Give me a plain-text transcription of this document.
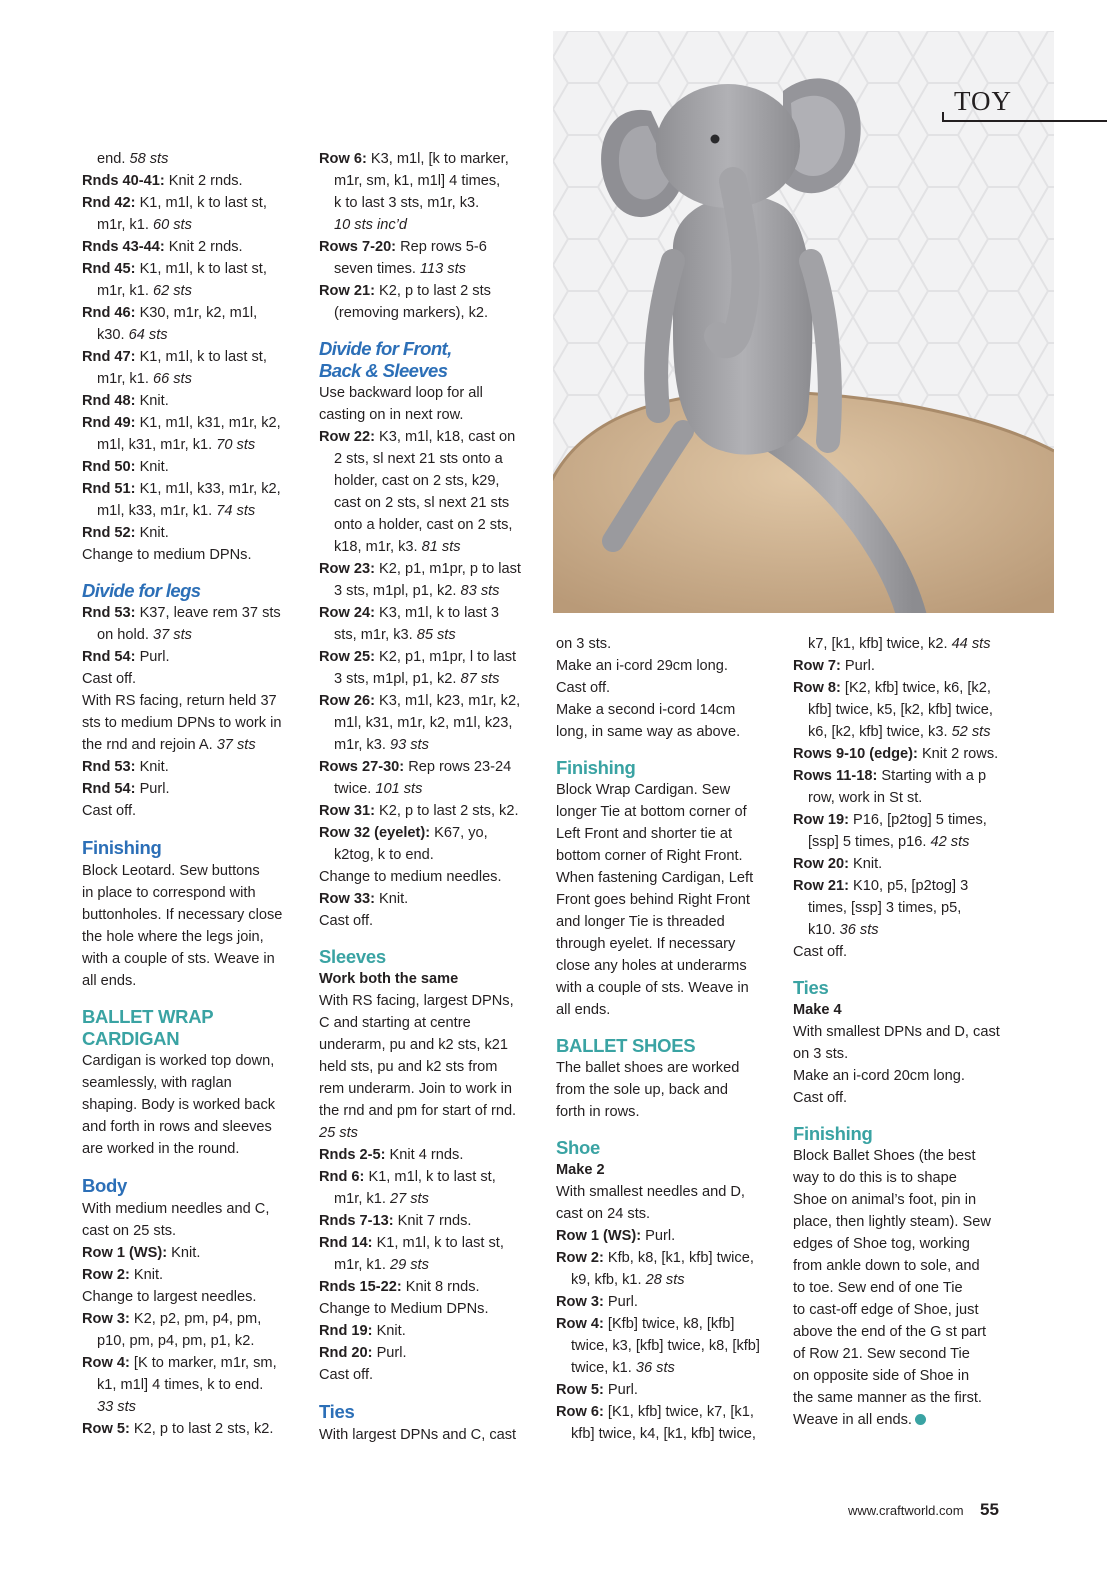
TOY
end. 58 sts
Rnds 40-41: Knit 2 rnds.
Rnd 42: K1, m1l, k to last st,
m1r, k1. 60 sts
Rnds 43-44: Knit 2 rnds.
Rnd 45: K1, m1l, k to last st,
m1r, k1. 62 sts
Rnd 46: K30, m1r, k2, m1l,
k30. 64 sts
Rnd 47: K1, m1l, k to last st,
m1r, k1. 66 sts
Rnd 48: Knit.
Rnd 49: K1, m1l, k31, m1r, k2,
m1l, k31, m1r, k1. 70 sts
Rnd 50: Knit.
Rnd 51: K1, m1l, k33, m1r, k2,
m1l, k33, m1r, k1. 74 sts
Rnd 52: Knit.
Change to medium DPNs.
Divide for legs
Rnd 53: K37, leave rem 37 sts
on hold. 37 sts
Rnd 54: Purl.
Cast off.
With RS facing, return held 37
sts to medium DPNs to work in
the rnd and rejoin A. 37 sts
Rnd 53: Knit.
Rnd 54: Purl.
Cast off.
Finishing
Block Leotard. Sew buttons
in place to correspond with
buttonholes. If necessary close
the hole where the legs join,
with a couple of sts. Weave in
all ends.
BALLET WRAP
CARDIGAN
Cardigan is worked top down,
seamlessly, with raglan
shaping. Body is worked back
and forth in rows and sleeves
are worked in the round.
Body
With medium needles and C,
cast on 25 sts.
Row 1 (WS): Knit.
Row 2: Knit.
Change to largest needles.
Row 3: K2, p2, pm, p4, pm,
p10, pm, p4, pm, p1, k2.
Row 4: [K to marker, m1r, sm,
k1, m1l] 4 times, k to end.
33 sts
Row 5: K2, p to last 2 sts, k2.
Row 6: K3, m1l, [k to marker,
m1r, sm, k1, m1l] 4 times,
k to last 3 sts, m1r, k3.
10 sts inc’d
Rows 7-20: Rep rows 5-6
seven times. 113 sts
Row 21: K2, p to last 2 sts
(removing markers), k2.
Divide for Front,
Back & Sleeves
Use backward loop for all
casting on in next row.
Row 22: K3, m1l, k18, cast on
2 sts, sl next 21 sts onto a
holder, cast on 2 sts, k29,
cast on 2 sts, sl next 21 sts
onto a holder, cast on 2 sts,
k18, m1r, k3. 81 sts
Row 23: K2, p1, m1pr, p to last
3 sts, m1pl, p1, k2. 83 sts
Row 24: K3, m1l, k to last 3
sts, m1r, k3. 85 sts
Row 25: K2, p1, m1pr, l to last
3 sts, m1pl, p1, k2. 87 sts
Row 26: K3, m1l, k23, m1r, k2,
m1l, k31, m1r, k2, m1l, k23,
m1r, k3. 93 sts
Rows 27-30: Rep rows 23-24
twice. 101 sts
Row 31: K2, p to last 2 sts, k2.
Row 32 (eyelet): K67, yo,
k2tog, k to end.
Change to medium needles.
Row 33: Knit.
Cast off.
Sleeves
Work both the same
With RS facing, largest DPNs,
C and starting at centre
underarm, pu and k2 sts, k21
held sts, pu and k2 sts from
rem underarm. Join to work in
the rnd and pm for start of rnd.
25 sts
Rnds 2-5: Knit 4 rnds.
Rnd 6: K1, m1l, k to last st,
m1r, k1. 27 sts
Rnds 7-13: Knit 7 rnds.
Rnd 14: K1, m1l, k to last st,
m1r, k1. 29 sts
Rnds 15-22: Knit 8 rnds.
Change to Medium DPNs.
Rnd 19: Knit.
Rnd 20: Purl.
Cast off.
Ties
With largest DPNs and C, cast
on 3 sts.
Make an i-cord 29cm long.
Cast off.
Make a second i-cord 14cm
long, in same way as above.
Finishing
Block Wrap Cardigan. Sew
longer Tie at bottom corner of
Left Front and shorter tie at
bottom corner of Right Front.
When fastening Cardigan, Left
Front goes behind Right Front
and longer Tie is threaded
through eyelet. If necessary
close any holes at underarms
with a couple of sts. Weave in
all ends.
BALLET SHOES
The ballet shoes are worked
from the sole up, back and
forth in rows.
Shoe
Make 2
With smallest needles and D,
cast on 24 sts.
Row 1 (WS): Purl.
Row 2: Kfb, k8, [k1, kfb] twice,
k9, kfb, k1. 28 sts
Row 3: Purl.
Row 4: [Kfb] twice, k8, [kfb]
twice, k3, [kfb] twice, k8, [kfb]
twice, k1. 36 sts
Row 5: Purl.
Row 6: [K1, kfb] twice, k7, [k1,
kfb] twice, k4, [k1, kfb] twice,
k7, [k1, kfb] twice, k2. 44 sts
Row 7: Purl.
Row 8: [K2, kfb] twice, k6, [k2,
kfb] twice, k5, [k2, kfb] twice,
k6, [k2, kfb] twice, k3. 52 sts
Rows 9-10 (edge): Knit 2 rows.
Rows 11-18: Starting with a p
row, work in St st.
Row 19: P16, [p2tog] 5 times,
[ssp] 5 times, p16. 42 sts
Row 20: Knit.
Row 21: K10, p5, [p2tog] 3
times, [ssp] 3 times, p5,
k10. 36 sts
Cast off.
Ties
Make 4
With smallest DPNs and D, cast
on 3 sts.
Make an i-cord 20cm long.
Cast off.
Finishing
Block Ballet Shoes (the best
way to do this is to shape
Shoe on animal’s foot, pin in
place, then lightly steam). Sew
edges of Shoe tog, working
from ankle down to sole, and
to toe. Sew end of one Tie
to cast-off edge of Shoe, just
above the end of the G st part
of Row 21. Sew second Tie
on opposite side of Shoe in
the same manner as the first.
Weave in all ends.
www.craftworld.com 55
